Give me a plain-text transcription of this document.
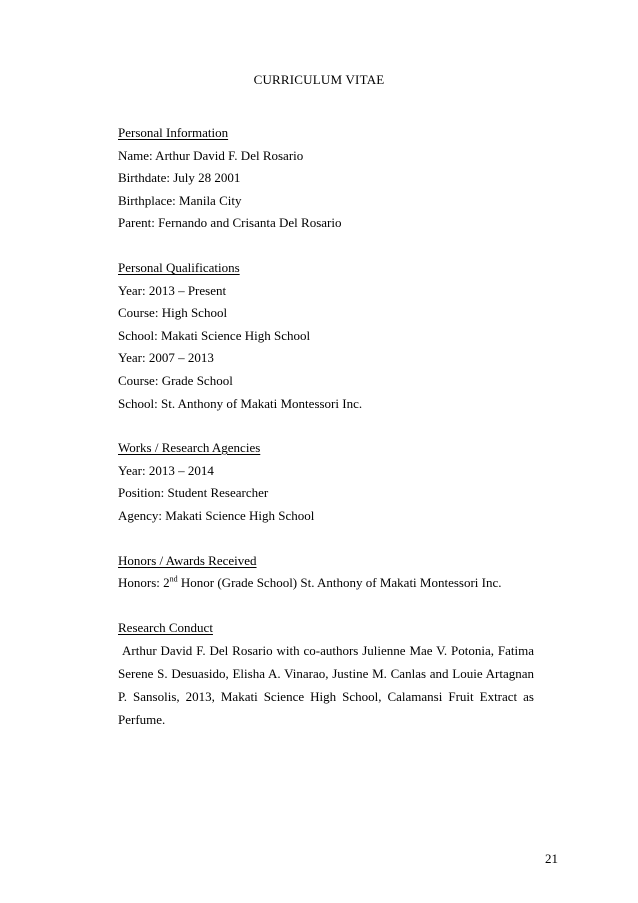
CURRICULUM VITAE
Personal Information
Name: Arthur David F. Del Rosario
Birthdate: July 28 2001
Birthplace: Manila City
Parent: Fernando and Crisanta Del Rosario
Personal Qualifications
Year: 2013 – Present
Course: High School
School: Makati Science High School
Year: 2007 – 2013
Course: Grade School
School: St. Anthony of Makati Montessori Inc.
Works / Research Agencies
Year: 2013 – 2014
Position: Student Researcher
Agency: Makati Science High School
Honors / Awards Received
Honors: 2nd Honor (Grade School) St. Anthony of Makati Montessori Inc.
Research Conduct
Arthur David F. Del Rosario with co-authors Julienne Mae V. Potonia, Fatima Serene S. Desuasido, Elisha A. Vinarao, Justine M. Canlas and Louie Artagnan P. Sansolis, 2013, Makati Science High School, Calamansi Fruit Extract as Perfume.
21
